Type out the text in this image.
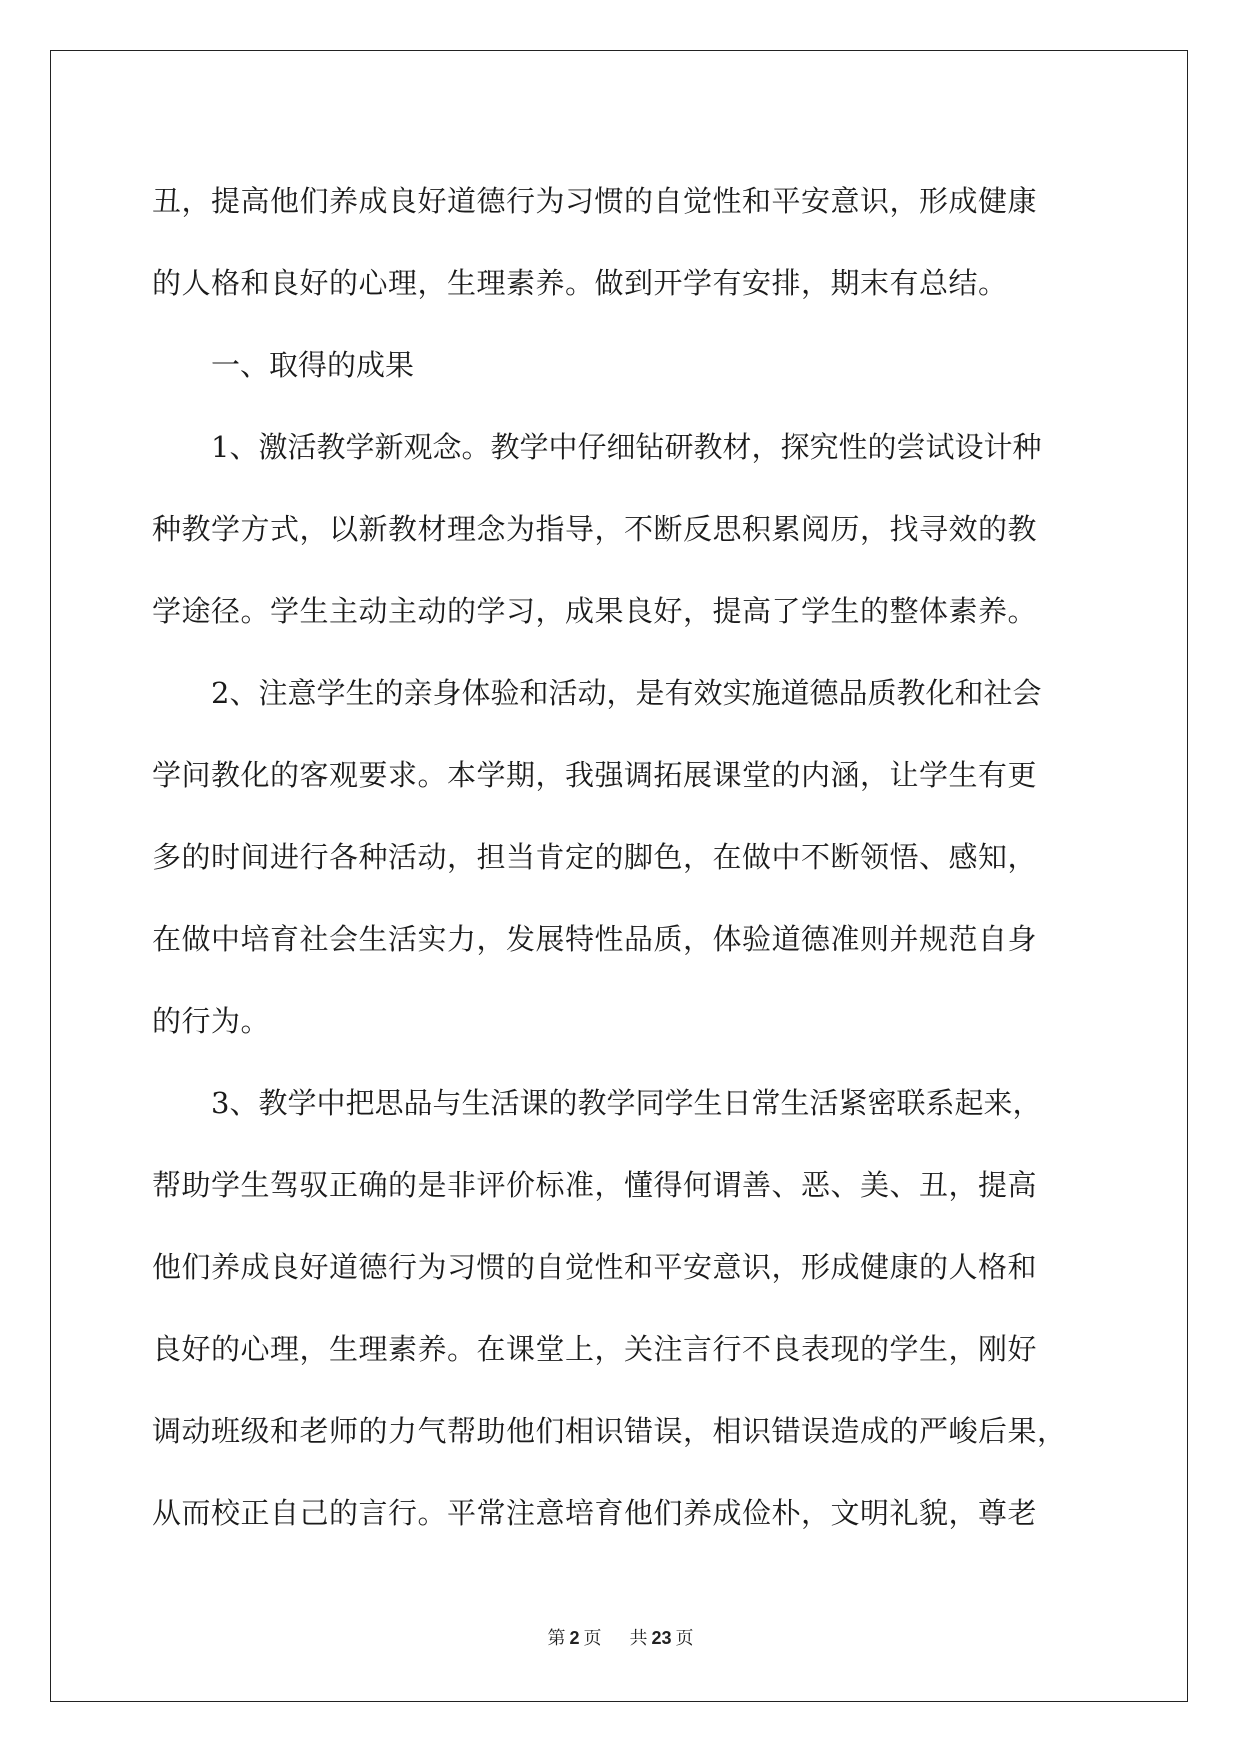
丑，提高他们养成良好道德行为习惯的自觉性和平安意识，形成健康
的人格和良好的心理，生理素养。做到开学有安排，期末有总结。
一、取得的成果
1、激活教学新观念。教学中仔细钻研教材，探究性的尝试设计种
种教学方式，以新教材理念为指导，不断反思积累阅历，找寻效的教
学途径。学生主动主动的学习，成果良好，提高了学生的整体素养。
2、注意学生的亲身体验和活动，是有效实施道德品质教化和社会
学问教化的客观要求。本学期，我强调拓展课堂的内涵，让学生有更
多的时间进行各种活动，担当肯定的脚色，在做中不断领悟、感知，
在做中培育社会生活实力，发展特性品质，体验道德准则并规范自身
的行为。
3、教学中把思品与生活课的教学同学生日常生活紧密联系起来，
帮助学生驾驭正确的是非评价标准，懂得何谓善、恶、美、丑，提高
他们养成良好道德行为习惯的自觉性和平安意识，形成健康的人格和
良好的心理，生理素养。在课堂上，关注言行不良表现的学生，刚好
调动班级和老师的力气帮助他们相识错误，相识错误造成的严峻后果，
从而校正自己的言行。平常注意培育他们养成俭朴，文明礼貌，尊老
第 2 页 共 23 页
